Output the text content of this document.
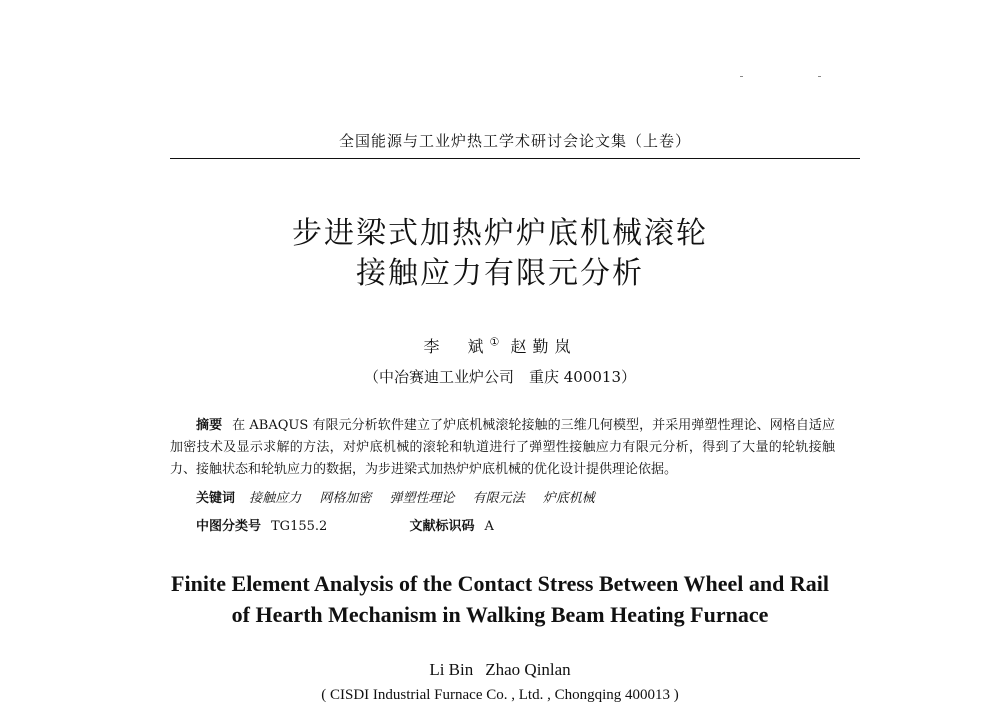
全国能源与工业炉热工学术研讨会论文集（上卷）
步进梁式加热炉炉底机械滚轮
接触应力有限元分析
李　斌① 赵勤岚
（中冶赛迪工业炉公司　重庆 400013）
摘要 在 ABAQUS 有限元分析软件建立了炉底机械滚轮接触的三维几何模型，并采用弹塑性理论、网格自适应加密技术及显示求解的方法，对炉底机械的滚轮和轨道进行了弹塑性接触应力有限元分析，得到了大量的轮轨接触力、接触状态和轮轨应力的数据，为步进梁式加热炉炉底机械的优化设计提供理论依据。
关键词 接触应力 网格加密 弹塑性理论 有限元法 炉底机械
中图分类号 TG155.2	文献标识码 A
Finite Element Analysis of the Contact Stress Between Wheel and Rail
of Hearth Mechanism in Walking Beam Heating Furnace
Li Bin Zhao Qinlan
( CISDI Industrial Furnace Co. , Ltd. , Chongqing 400013 )
